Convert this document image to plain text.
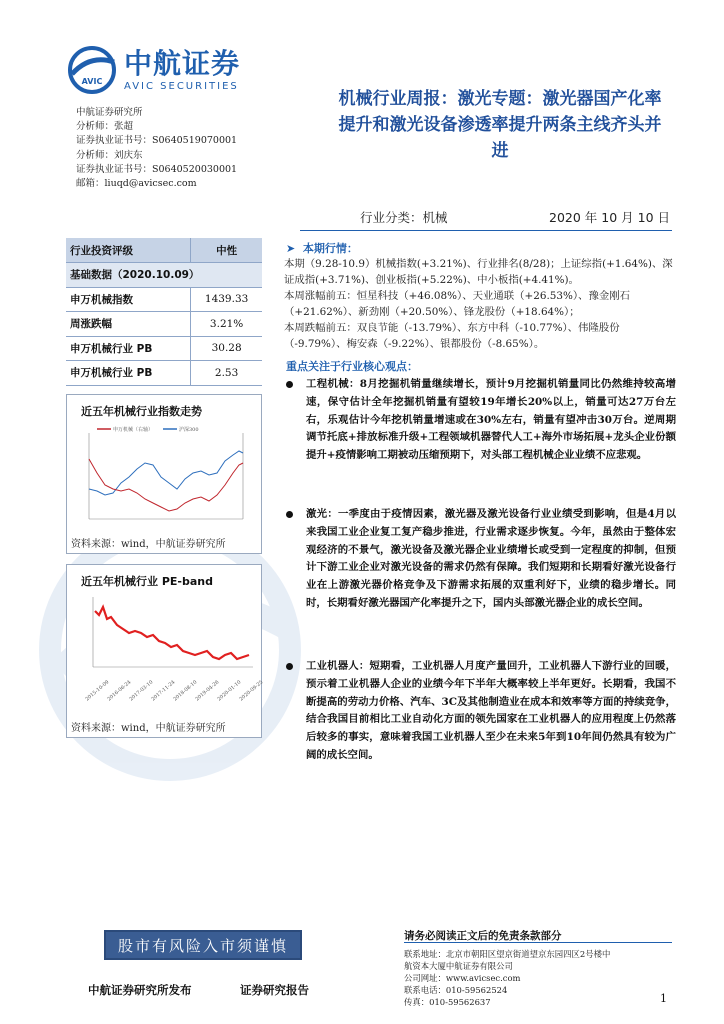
AVIC
中航证券
AVIC SECURITIES
中航证券研究所
分析师：张超
证券执业证书号：S0640519070001
分析师：刘庆东
证券执业证书号：S0640520030001
邮箱：liuqd@avicsec.com
机械行业周报：激光专题：激光器国产化率
提升和激光设备渗透率提升两条主线齐头并
进
行业分类：机械	2020 年 10 月 10 日
行业投资评级	中性
基础数据（2020.10.09）	
申万机械指数	1439.33
周涨跌幅	3.21%
申万机械行业 PB	30.28
申万机械行业 PB	2.53
近五年机械行业指数走势
申万机械（右轴）	沪深300
资料来源：wind，中航证券研究所
近五年机械行业 PE-band
2015-10-09
2016-06-24
2017-03-10
2017-11-24
2018-08-10
2019-04-26
2020-01-10
2020-09-25
资料来源：wind，中航证券研究所
➤  本期行情：

本期（9.28-10.9）机械指数(+3.21%)、行业排名(8/28)；上证综指(+1.64%)、深证成指(+3.71%)、创业板指(+5.22%)、中小板指(+4.41%)。

本周涨幅前五：恒星科技（+46.08%）、天业通联（+26.53%）、豫金刚石（+21.62%）、新劲刚（+20.50%）、锋龙股份（+18.64%）；

本周跌幅前五：双良节能（-13.79%）、东方中科（-10.77%）、伟隆股份（-9.79%）、梅安森（-9.22%）、银都股份（-8.65%）。

重点关注于行业核心观点：
工程机械：8月挖掘机销量继续增长，预计9月挖掘机销量同比仍然维持较高增速，保守估计全年挖掘机销量有望较19年增长20%以上，销量可达27万台左右，乐观估计今年挖机销量增速或在30%左右，销量有望冲击30万台。逆周期调节托底+排放标准升级+工程领域机器替代人工+海外市场拓展+龙头企业份额提升+疫情影响工期被动压缩预期下，对头部工程机械企业业绩不应悲观。
激光：一季度由于疫情因素，激光器及激光设备行业业绩受到影响，但是4月以来我国工业企业复工复产稳步推进，行业需求逐步恢复。今年，虽然由于整体宏观经济的不景气，激光设备及激光器企业业绩增长或受到一定程度的抑制，但预计下游工业企业对激光设备的需求仍然有保障。我们短期和长期看好激光设备行业在上游激光器价格竞争及下游需求拓展的双重利好下，业绩的稳步增长。同时，长期看好激光器国产化率提升之下，国内头部激光器企业的成长空间。
工业机器人：短期看，工业机器人月度产量回升，工业机器人下游行业的回暖，预示着工业机器人企业的业绩今年下半年大概率较上半年更好。长期看，我国不断提高的劳动力价格、汽车、3C及其他制造业在成本和效率等方面的持续竞争，结合我国目前相比工业自动化方面的领先国家在工业机器人的应用程度上仍然落后较多的事实，意味着我国工业机器人至少在未来5年到10年间仍然具有较为广阔的成长空间。
股市有风险入市须谨慎
请务必阅读正文后的免责条款部分
联系地址：北京市朝阳区望京街道望京东园四区2号楼中
航资本大厦中航证券有限公司
公司网址：www.avicsec.com
联系电话：010-59562524
传真：010-59562637
中航证券研究所发布	证券研究报告
1
